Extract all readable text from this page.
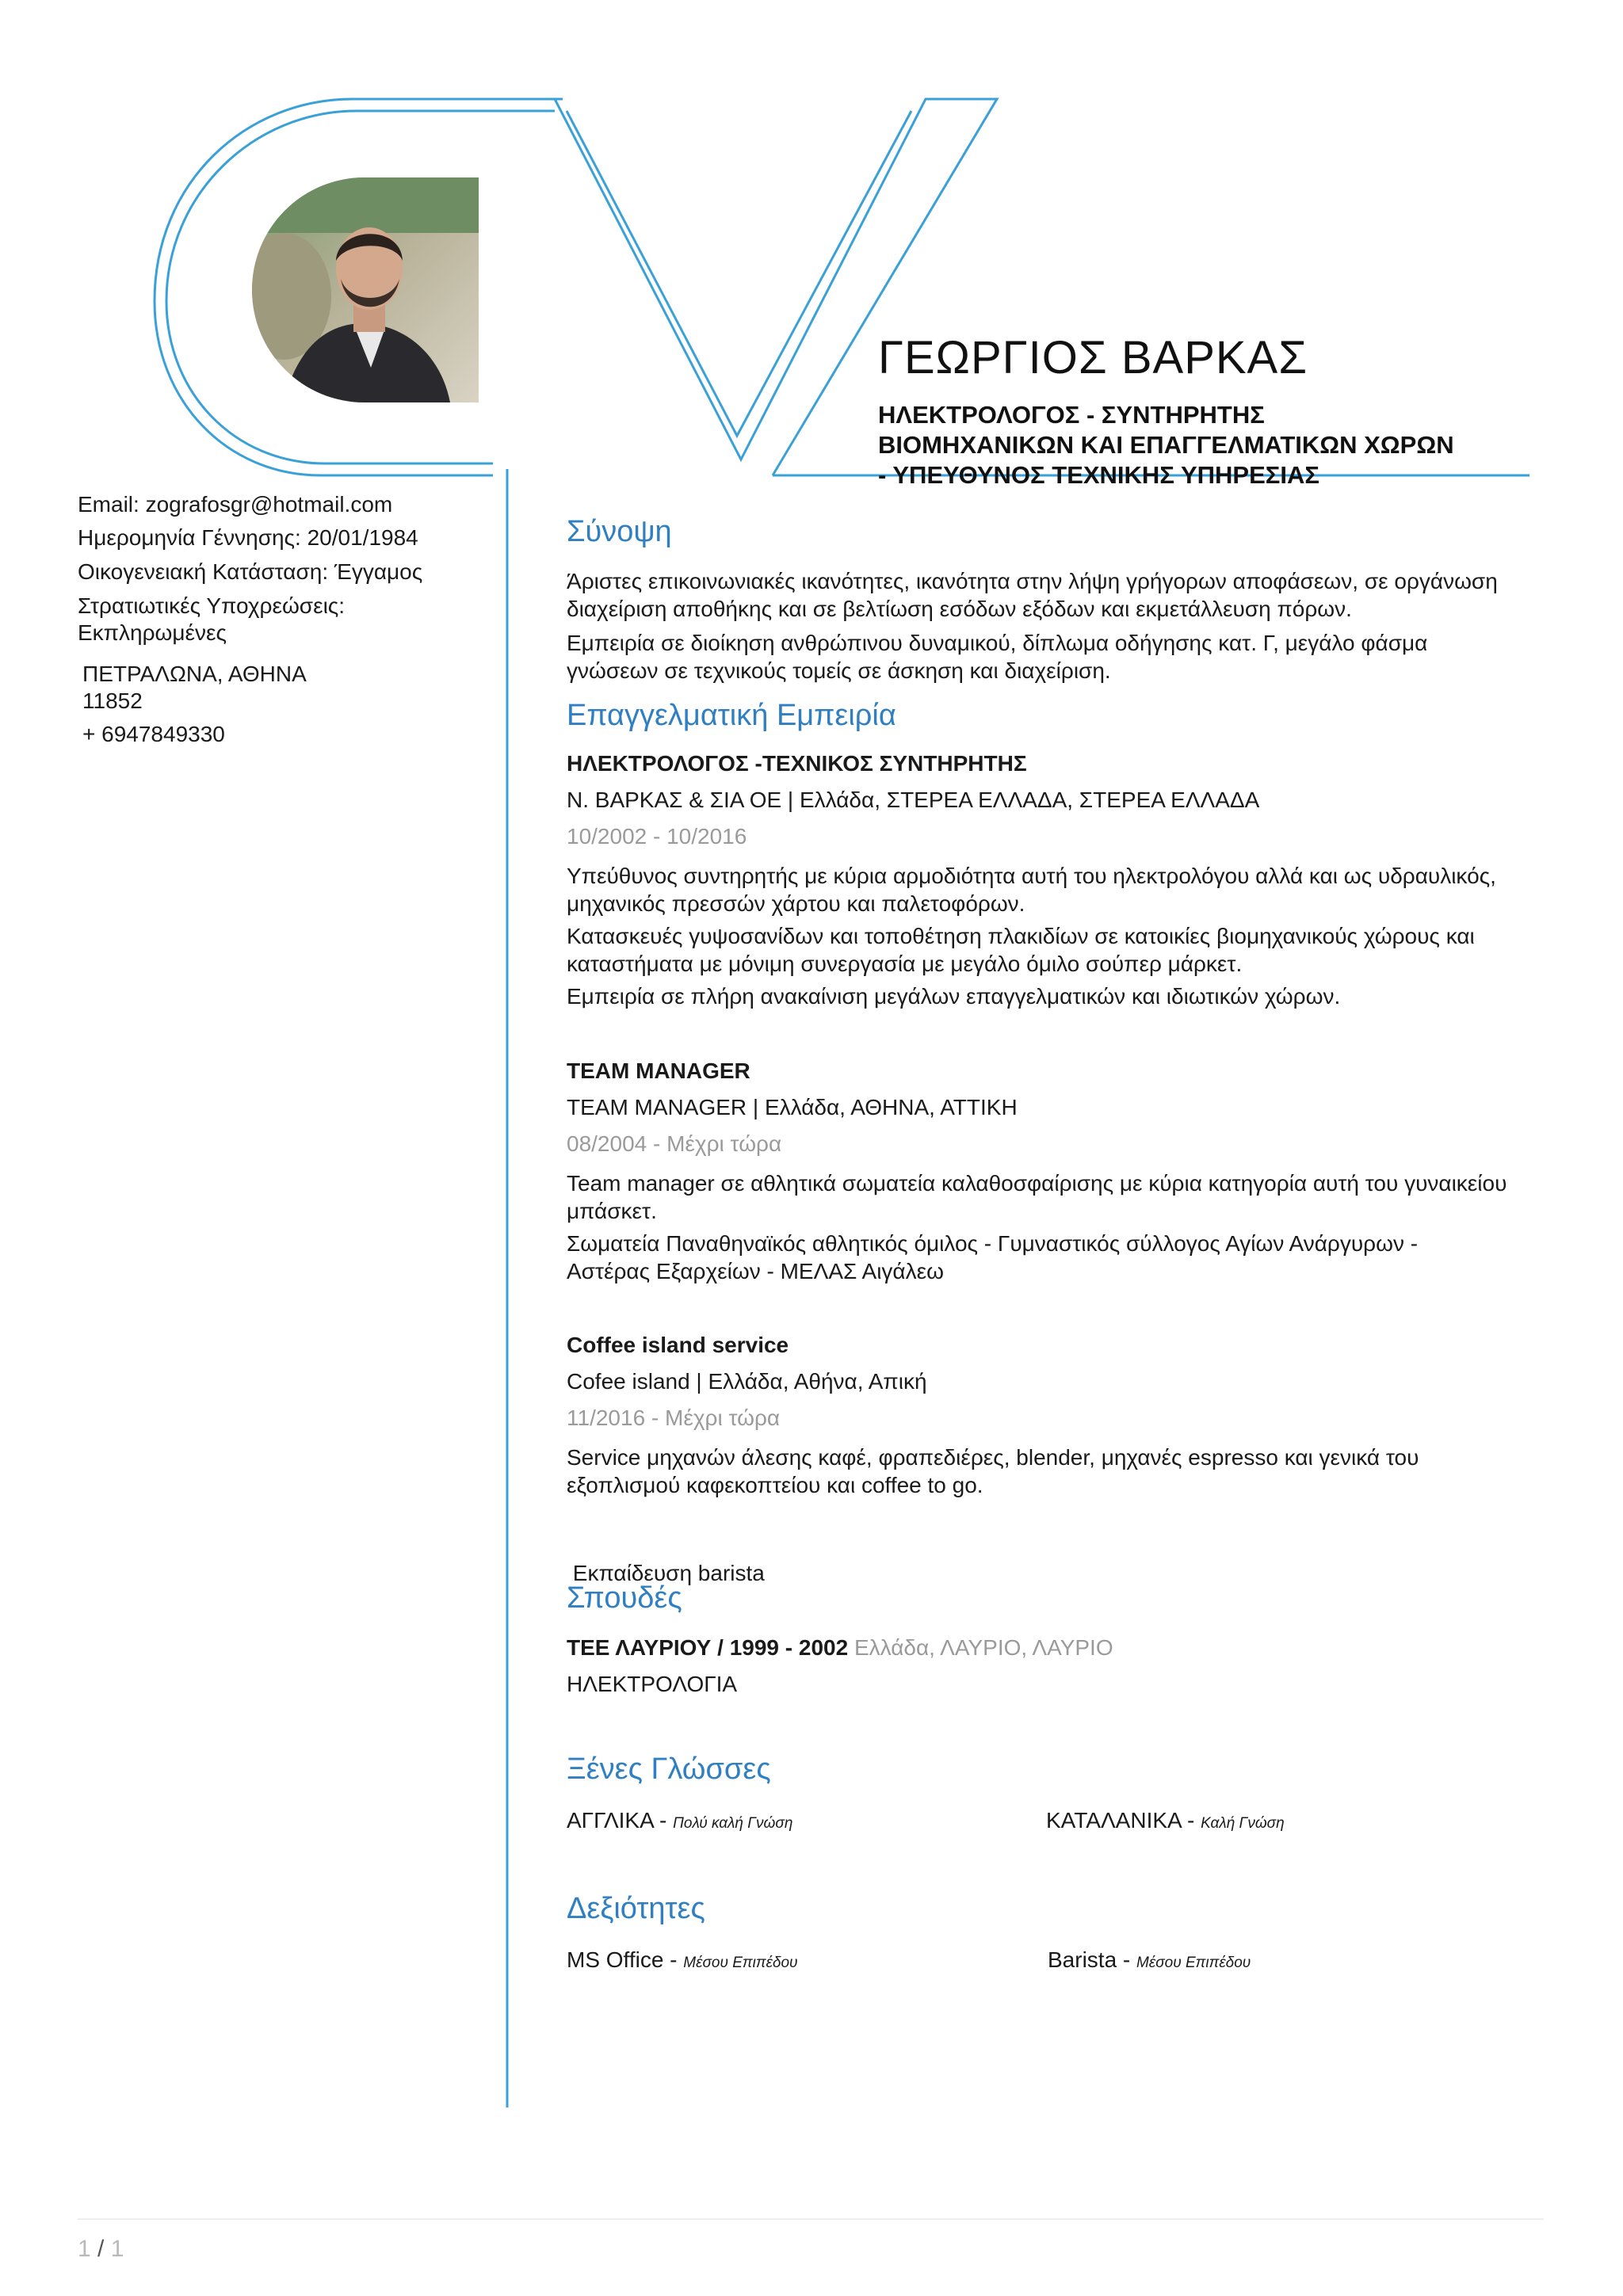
ΓΕΩΡΓΙΟΣ ΒΑΡΚΑΣ
ΗΛΕΚΤΡΟΛΟΓΟΣ - ΣΥΝΤΗΡΗΤΗΣ
ΒΙΟΜΗΧΑΝΙΚΩΝ ΚΑΙ ΕΠΑΓΓΕΛΜΑΤΙΚΩΝ ΧΩΡΩΝ
- ΥΠΕΥΘΥΝΟΣ ΤΕΧΝΙΚΗΣ ΥΠΗΡΕΣΙΑΣ
Email: zografosgr@hotmail.com
Ημερομηνία Γέννησης: 20/01/1984
Οικογενειακή Κατάσταση: Έγγαμος
Στρατιωτικές Υποχρεώσεις:
Εκπληρωμένες
ΠΕΤΡΑΛΩΝΑ, ΑΘΗΝΑ
11852
+ 6947849330
Σύνοψη
Άριστες επικοινωνιακές ικανότητες, ικανότητα στην λήψη γρήγορων αποφάσεων, σε οργάνωση
διαχείριση αποθήκης και σε βελτίωση εσόδων εξόδων και εκμετάλλευση πόρων.
Εμπειρία σε διοίκηση ανθρώπινου δυναμικού, δίπλωμα οδήγησης κατ. Γ, μεγάλο φάσμα
γνώσεων σε τεχνικούς τομείς σε άσκηση και διαχείριση.
Επαγγελματική Εμπειρία
ΗΛΕΚΤΡΟΛΟΓΟΣ -ΤΕΧΝΙΚΟΣ ΣΥΝΤΗΡΗΤΗΣ
Ν. ΒΑΡΚΑΣ & ΣΙΑ ΟΕ | Ελλάδα, ΣΤΕΡΕΑ ΕΛΛΑΔΑ, ΣΤΕΡΕΑ ΕΛΛΑΔΑ
10/2002 - 10/2016
Υπεύθυνος συντηρητής με κύρια αρμοδιότητα αυτή του ηλεκτρολόγου αλλά και ως υδραυλικός,
μηχανικός πρεσσών χάρτου και παλετοφόρων.
Κατασκευές γυψοσανίδων και τοποθέτηση πλακιδίων σε κατοικίες βιομηχανικούς χώρους και
καταστήματα με μόνιμη συνεργασία με μεγάλο όμιλο σούπερ μάρκετ.
Εμπειρία σε πλήρη ανακαίνιση μεγάλων επαγγελματικών και ιδιωτικών χώρων.
TEAM MANAGER
TEAM MANAGER | Ελλάδα, ΑΘΗΝΑ, ΑΤΤΙΚΗ
08/2004 - Μέχρι τώρα
Team manager σε αθλητικά σωματεία καλαθοσφαίρισης με κύρια κατηγορία αυτή του γυναικείου
μπάσκετ.
Σωματεία Παναθηναϊκός αθλητικός όμιλος - Γυμναστικός σύλλογος Αγίων Ανάργυρων -
Αστέρας Εξαρχείων - ΜΕΛΑΣ Αιγάλεω
Coffee island service
Cofee island | Ελλάδα, Αθήνα, Απική
11/2016 - Μέχρι τώρα
Service μηχανών άλεσης καφέ, φραπεδιέρες, blender, μηχανές espresso και γενικά του
εξοπλισμού καφεκοπτείου και coffee to go.

Εκπαίδευση barista

Σπουδές
ΤΕΕ ΛΑΥΡΙΟΥ / 1999 - 2002 Ελλάδα, ΛΑΥΡΙΟ, ΛΑΥΡΙΟ
ΗΛΕΚΤΡΟΛΟΓΙΑ
Ξένες Γλώσσες
ΑΓΓΛΙΚΑ - Πολύ καλή Γνώση	ΚΑΤΑΛΑΝΙΚΑ - Καλή Γνώση
Δεξιότητες
MS Office - Μέσου Επιπέδου	Barista - Μέσου Επιπέδου
1 / 1
